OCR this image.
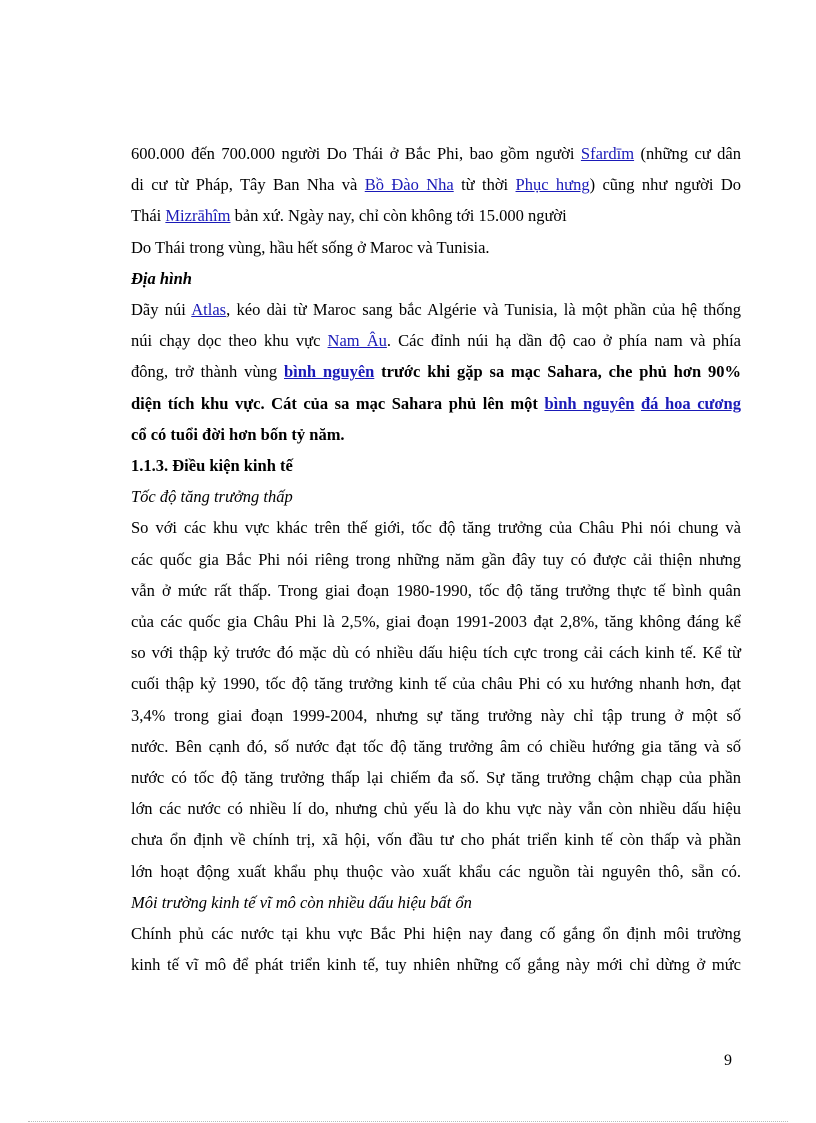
600.000 đến 700.000 người Do Thái ở Bắc Phi, bao gồm người Sfardīm (những cư dân

di cư từ Pháp, Tây Ban Nha và Bồ Đào Nha từ thời Phục hưng) cũng như người Do

Thái Mizrāhîm bản xứ. Ngày nay, chỉ còn không tới 15.000 người

Do Thái trong vùng, hầu hết sống ở Maroc và Tunisia.

Địa hình

Dãy núi Atlas, kéo dài từ Maroc sang bắc Algérie và Tunisia, là một phần của hệ thống

núi chạy dọc theo khu vực Nam Âu. Các đỉnh núi hạ dần độ cao ở phía nam và phía

đông, trở thành vùng bình nguyên trước khi gặp sa mạc Sahara, che phủ hơn 90%

diện tích khu vực. Cát của sa mạc Sahara phủ lên một bình nguyên đá hoa cương

cổ có tuổi đời hơn bốn tỷ năm.

1.1.3. Điều kiện kinh tế

Tốc độ tăng trưởng thấp

So với các khu vực khác trên thế giới, tốc độ tăng trưởng của Châu Phi nói chung và

các quốc gia Bắc Phi nói riêng trong những năm gần đây tuy có được cải thiện nhưng

vẫn ở mức rất thấp. Trong giai đoạn 1980-1990, tốc độ tăng trưởng thực tế bình quân

của các quốc gia Châu Phi là 2,5%, giai đoạn 1991-2003 đạt 2,8%, tăng không đáng kể

so với thập kỷ trước đó mặc dù có nhiều dấu hiệu tích cực trong cải cách kinh tế. Kể từ

cuối thập kỷ 1990, tốc độ tăng trưởng kinh tế của châu Phi có xu hướng nhanh hơn, đạt

3,4% trong giai đoạn 1999-2004, nhưng sự tăng trưởng này chỉ tập trung ở một số

nước. Bên cạnh đó, số nước đạt tốc độ tăng trưởng âm có chiều hướng gia tăng và số

nước có tốc độ tăng trưởng thấp lại chiếm đa số. Sự tăng trưởng chậm chạp của phần

lớn các nước có nhiều lí do, nhưng chủ yếu là do khu vực này vẫn còn nhiều dấu hiệu

chưa ổn định về chính trị, xã hội, vốn đầu tư cho phát triển kinh tế còn thấp và phần

lớn hoạt động xuất khẩu phụ thuộc vào xuất khẩu các nguồn tài nguyên thô, sẵn có.

Môi trường kinh tế vĩ mô còn nhiều dấu hiệu bất ổn

Chính phủ các nước tại khu vực Bắc Phi hiện nay đang cố gắng ổn định môi trường

kinh tế vĩ mô để phát triển kinh tế, tuy nhiên những cố gắng này mới chỉ dừng ở mức

9
